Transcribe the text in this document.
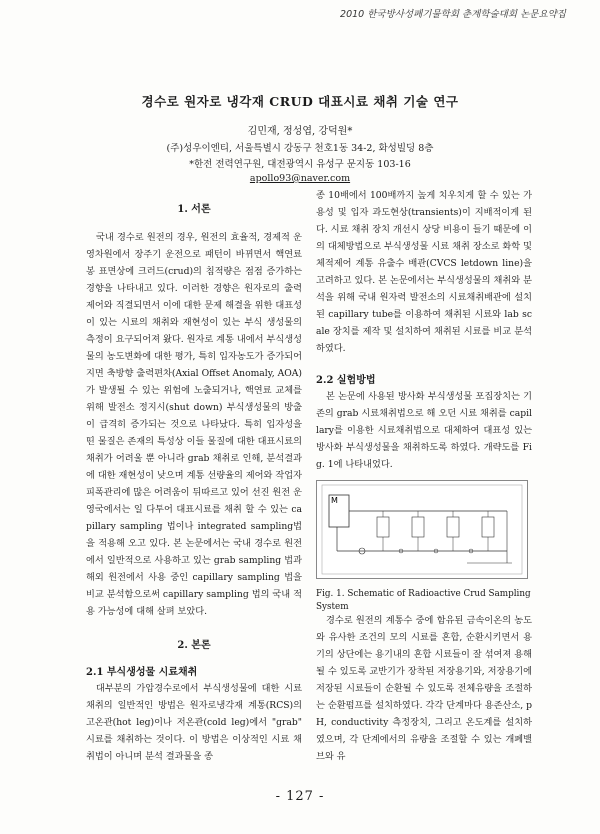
2010 한국방사성폐기물학회 춘계학술대회 논문요약집
경수로 원자로 냉각재 CRUD 대표시료 채취 기술 연구
김민재, 정성엽, 강덕원*
(주)성우이엔티, 서울특별시 강동구 천호1동 34-2, 화성빌딩 8층
*한전 전력연구원, 대전광역시 유성구 문지동 103-16
apollo93@naver.com

1. 서론

국내 경수로 원전의 경우, 원전의 효율적, 경제적 운영차원에서 장주기 운전으로 패턴이 바뀌면서 핵연료봉 표면상에 크러드(crud)의 침적량은 점점 증가하는 경향을 나타내고 있다. 이러한 경향은 원자로의 출력 제어와 직결되면서 이에 대한 문제 해결을 위한 대표성이 있는 시료의 채취와 재현성이 있는 부식 생성물의 측정이 요구되어져 왔다. 원자로 계통 내에서 부식생성물의 농도변화에 대한 평가, 특히 입자농도가 증가되어지면 축방향 출력편차(Axial Offset Anomaly, AOA)가 발생될 수 있는 위험에 노출되거나, 핵연료 교체를 위해 발전소 정지시(shut down) 부식생성물의 방출이 급격히 증가되는 것으로 나타났다. 특히 입자성을 띤 물질은 존재의 특성상 이들 물질에 대한 대표시료의 채취가 어려울 뿐 아니라 grab 채취로 인해, 분석결과에 대한 재현성이 낮으며 계통 선량율의 제어와 작업자 피폭관리에 많은 어려움이 뒤따르고 있어 선진 원전 운영국에서는 일 다투어 대표시료를 채취 할 수 있는 capillary sampling 법이나 integrated sampling법을 적용해 오고 있다. 본 논문에서는 국내 경수로 원전에서 일반적으로 사용하고 있는 grab sampling 법과 해외 원전에서 사용 중인 capillary sampling 법을 비교 분석함으로써 capillary sampling 법의 국내 적용 가능성에 대해 살펴 보았다.

2. 본론

2.1 부식생성물 시료채취

대부분의 가압경수로에서 부식생성물에 대한 시료채취의 일반적인 방법은 원자로냉각재 계통(RCS)의 고온관(hot leg)이나 저온관(cold leg)에서 "grab" 시료를 채취하는 것이다. 이 방법은 이상적인 시료 채취법이 아니며 분석 결과물을 종

종 10배에서 100배까지 높게 치우치게 할 수 있는 가용성 및 입자 과도현상(transients)이 지배적이게 된다. 시료 채취 장치 개선시 상당 비용이 들기 때문에 이의 대체방법으로 부식생성물 시료 채취 장소로 화학 및 체적제어 계통 유출수 배관(CVCS letdown line)을 고려하고 있다. 본 논문에서는 부식생성물의 채취와 분석을 위해 국내 원자력 발전소의 시료채취배관에 설치된 capillary tube를 이용하여 채취된 시료와 lab scale 장치를 제작 및 설치하여 채취된 시료를 비교 분석하였다.

2.2 실험방법

본 논문에 사용된 방사화 부식생성물 포집장치는 기존의 grab 시료채취법으로 해 오던 시료 채취를 capillary를 이용한 시료채취법으로 대체하여 대표성 있는 방사화 부식생성물을 채취하도록 하였다. 개략도를 Fig. 1에 나타내었다.

M
Fig. 1. Schematic of Radioactive Crud Sampling System

경수로 원전의 계통수 중에 함유된 금속이온의 농도와 유사한 조건의 모의 시료를 혼합, 순환시키면서 용기의 상단에는 용기내의 혼합 시료들이 잘 섞여져 용해될 수 있도록 교반기가 장착된 저장용기와, 저장용기에 저장된 시료들이 순환될 수 있도록 전체유량을 조절하는 순환펌프를 설치하였다. 각각 단계마다 용존산소, pH, conductivity 측정장치, 그리고 온도계를 설치하였으며, 각 단계에서의 유량을 조절할 수 있는 개폐밸브와 유

- 127 -
